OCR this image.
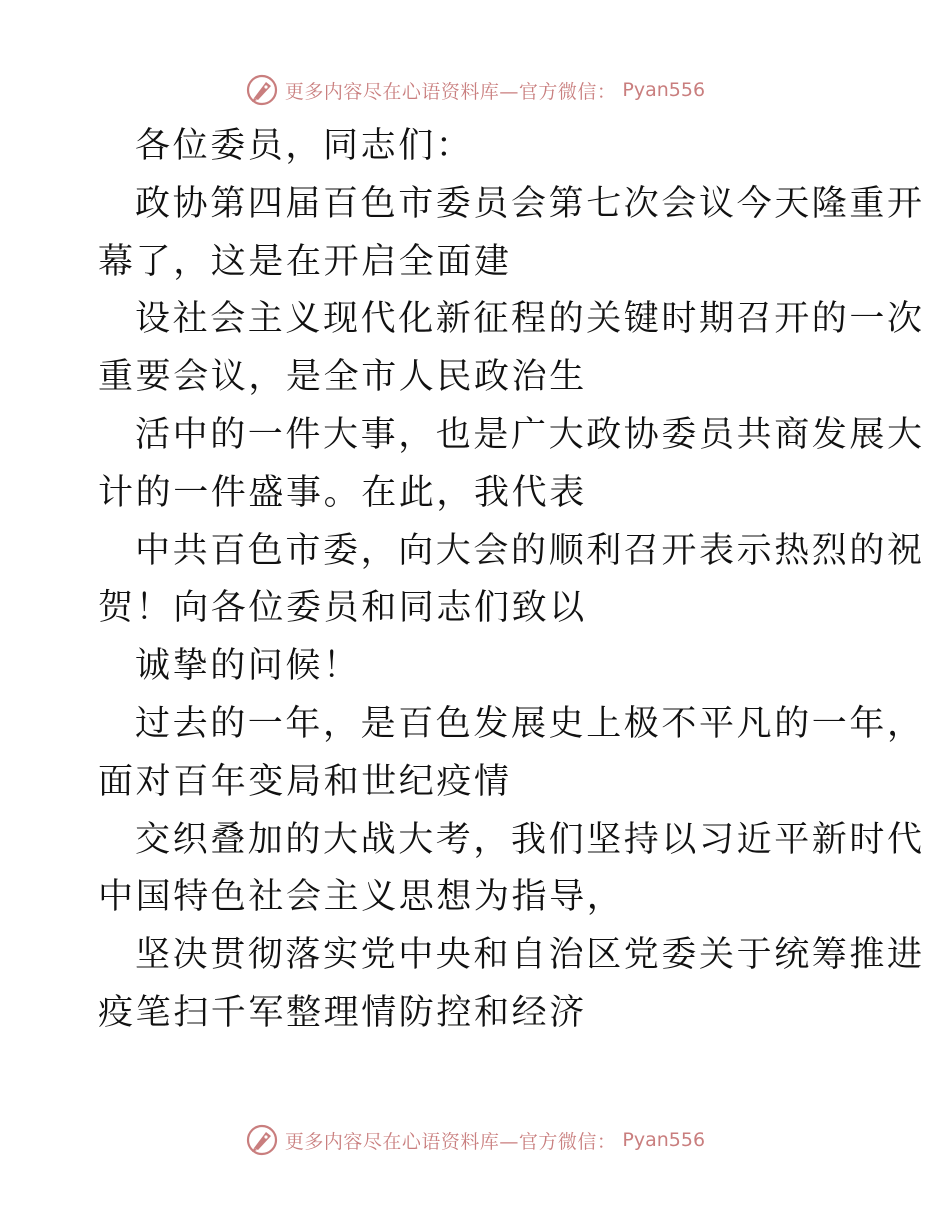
更多内容尽在心语资料库—官方微信： Pyan556
各位委员，同志们：
政协第四届百色市委员会第七次会议今天隆重开
幕了，这是在开启全面建
设社会主义现代化新征程的关键时期召开的一次
重要会议，是全市人民政治生
活中的一件大事，也是广大政协委员共商发展大
计的一件盛事。在此，我代表
中共百色市委，向大会的顺利召开表示热烈的祝
贺！向各位委员和同志们致以
诚挚的问候！
过去的一年，是百色发展史上极不平凡的一年，
面对百年变局和世纪疫情
交织叠加的大战大考，我们坚持以习近平新时代
中国特色社会主义思想为指导，
坚决贯彻落实党中央和自治区党委关于统筹推进
疫笔扫千军整理情防控和经济
更多内容尽在心语资料库—官方微信： Pyan556
